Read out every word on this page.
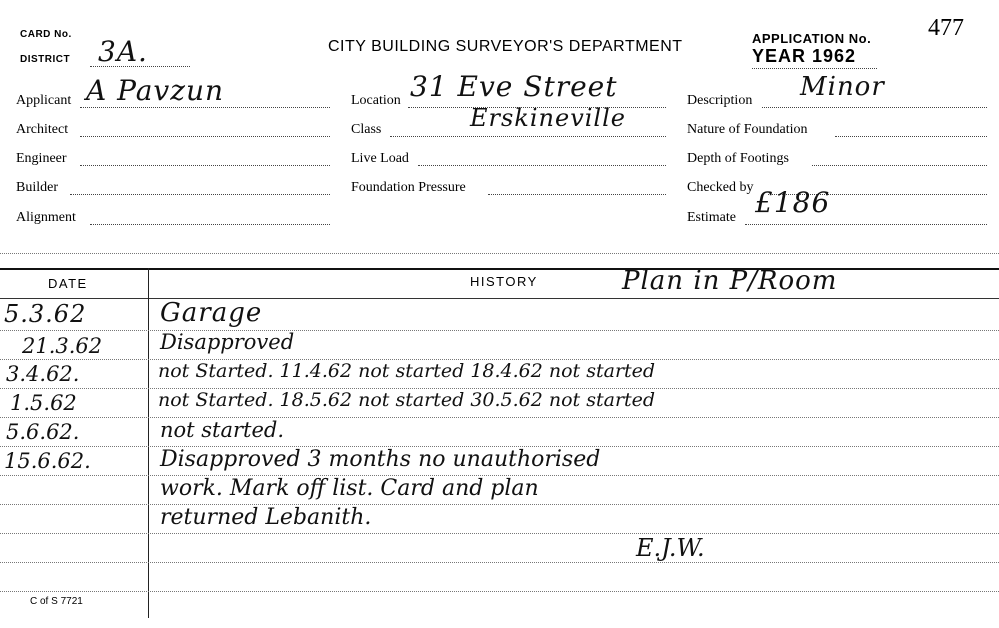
CARD No.
DISTRICT 3A.	CITY BUILDING SURVEYOR'S DEPARTMENT	APPLICATION No. 477
YEAR 1962
Applicant A Pavzun
Architect
Engineer
Builder
Alignment
Location 31 Eve Street
Class	Erskineville
Live Load
Foundation Pressure
Description Minor
Nature of Foundation
Depth of Footings
Checked by
Estimate £186
DATE	HISTORY	Plan in P/Room
5.3.62	Garage
21.3.62	Disapproved
3.4.62.	not Started. 11.4.62 not started 18.4.62 not started
1.5.62	not Started. 18.5.62 not started 30.5.62 not started
5.6.62.	not started.
15.6.62.	Disapproved 3 months no unauthorised
work. Mark off list. Card and plan
returned Lebanith.
E.J.W.
C of S 7721
